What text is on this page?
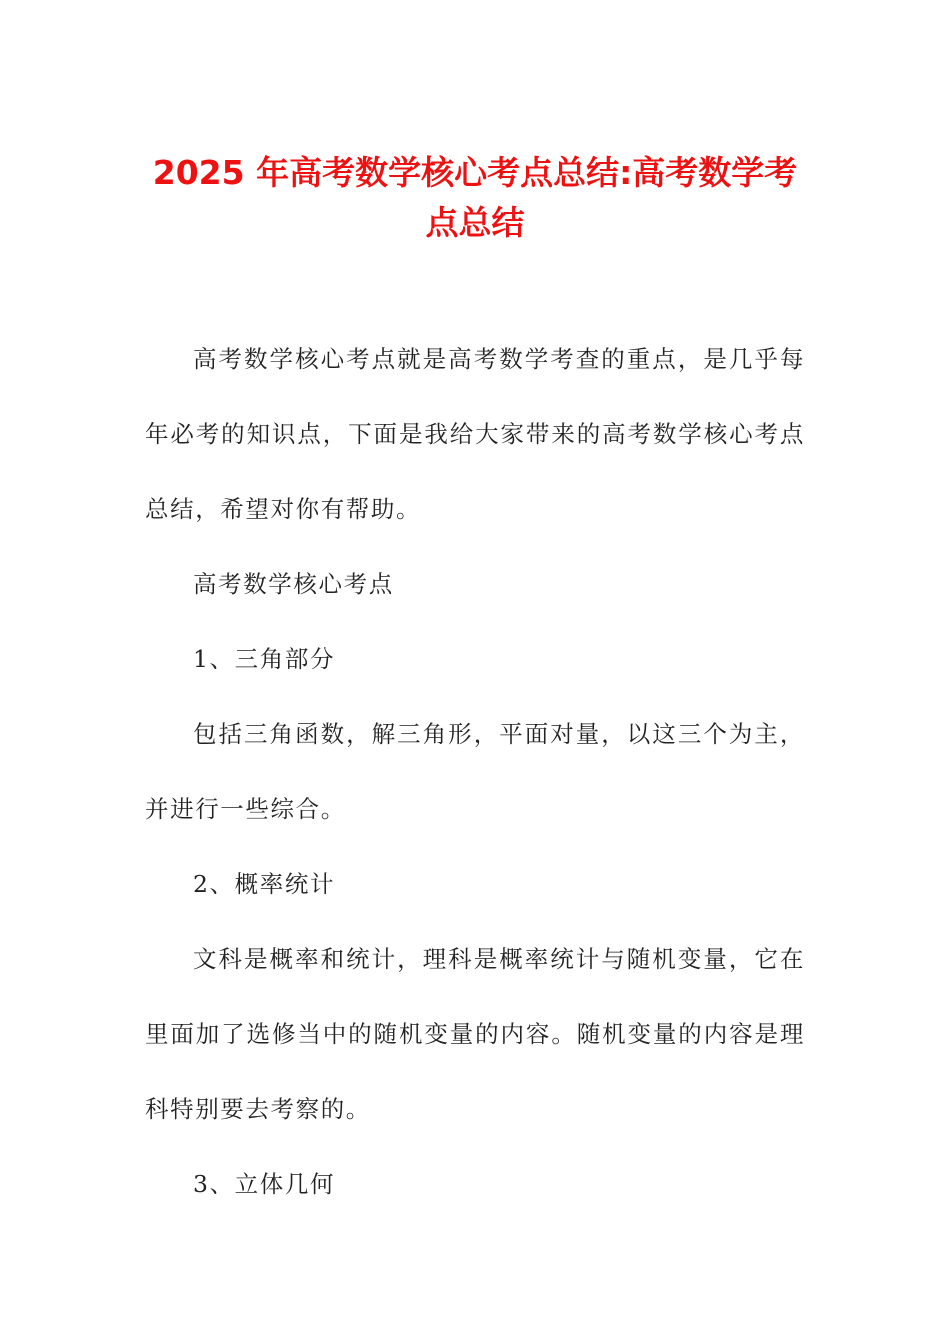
2025 年高考数学核心考点总结:高考数学考点总结

高考数学核心考点就是高考数学考查的重点，是几乎每年必考的知识点，下面是我给大家带来的高考数学核心考点总结，希望对你有帮助。

高考数学核心考点

1、三角部分

包括三角函数，解三角形，平面对量，以这三个为主，并进行一些综合。

2、概率统计

文科是概率和统计，理科是概率统计与随机变量，它在里面加了选修当中的随机变量的内容。随机变量的内容是理科特别要去考察的。

3、立体几何
